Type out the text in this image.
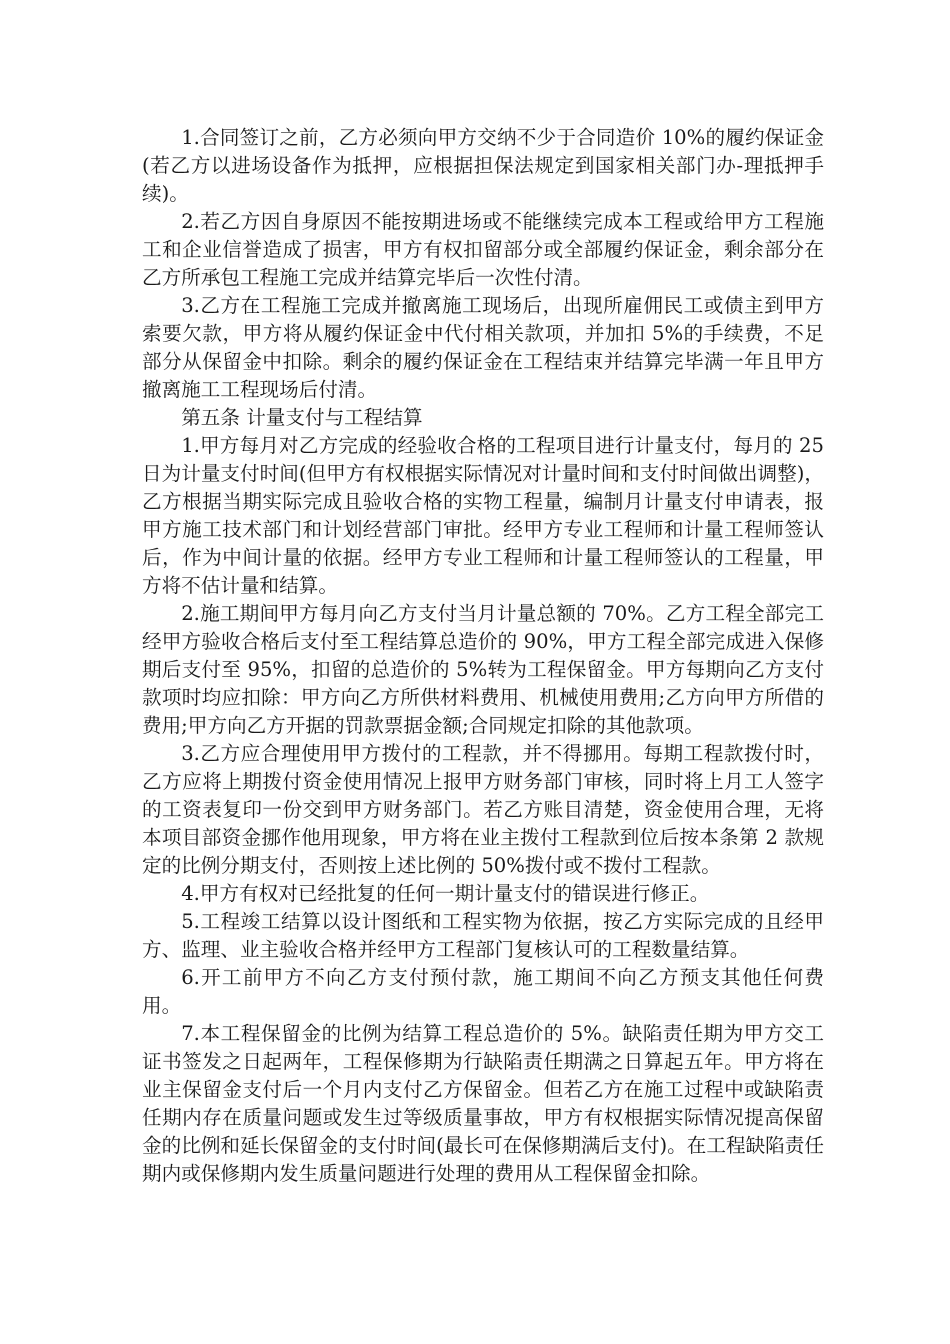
1.合同签订之前，乙方必须向甲方交纳不少于合同造价 10%的履约保证金(若乙方以进场设备作为抵押，应根据担保法规定到国家相关部门办-理抵押手续)。

2.若乙方因自身原因不能按期进场或不能继续完成本工程或给甲方工程施工和企业信誉造成了损害，甲方有权扣留部分或全部履约保证金，剩余部分在乙方所承包工程施工完成并结算完毕后一次性付清。

3.乙方在工程施工完成并撤离施工现场后，出现所雇佣民工或债主到甲方索要欠款，甲方将从履约保证金中代付相关款项，并加扣 5%的手续费，不足部分从保留金中扣除。剩余的履约保证金在工程结束并结算完毕满一年且甲方撤离施工工程现场后付清。

第五条 计量支付与工程结算

1.甲方每月对乙方完成的经验收合格的工程项目进行计量支付，每月的 25 日为计量支付时间(但甲方有权根据实际情况对计量时间和支付时间做出调整)，乙方根据当期实际完成且验收合格的实物工程量，编制月计量支付申请表，报甲方施工技术部门和计划经营部门审批。经甲方专业工程师和计量工程师签认后，作为中间计量的依据。经甲方专业工程师和计量工程师签认的工程量，甲方将不估计量和结算。

2.施工期间甲方每月向乙方支付当月计量总额的 70%。乙方工程全部完工经甲方验收合格后支付至工程结算总造价的 90%，甲方工程全部完成进入保修期后支付至 95%，扣留的总造价的 5%转为工程保留金。甲方每期向乙方支付款项时均应扣除：甲方向乙方所供材料费用、机械使用费用;乙方向甲方所借的费用;甲方向乙方开据的罚款票据金额;合同规定扣除的其他款项。

3.乙方应合理使用甲方拨付的工程款，并不得挪用。每期工程款拨付时，乙方应将上期拨付资金使用情况上报甲方财务部门审核，同时将上月工人签字的工资表复印一份交到甲方财务部门。若乙方账目清楚，资金使用合理，无将本项目部资金挪作他用现象，甲方将在业主拨付工程款到位后按本条第 2 款规定的比例分期支付，否则按上述比例的 50%拨付或不拨付工程款。

4.甲方有权对已经批复的任何一期计量支付的错误进行修正。

5.工程竣工结算以设计图纸和工程实物为依据，按乙方实际完成的且经甲方、监理、业主验收合格并经甲方工程部门复核认可的工程数量结算。

6.开工前甲方不向乙方支付预付款，施工期间不向乙方预支其他任何费用。

7.本工程保留金的比例为结算工程总造价的 5%。缺陷责任期为甲方交工证书签发之日起两年，工程保修期为行缺陷责任期满之日算起五年。甲方将在业主保留金支付后一个月内支付乙方保留金。但若乙方在施工过程中或缺陷责任期内存在质量问题或发生过等级质量事故，甲方有权根据实际情况提高保留金的比例和延长保留金的支付时间(最长可在保修期满后支付)。在工程缺陷责任期内或保修期内发生质量问题进行处理的费用从工程保留金扣除。
